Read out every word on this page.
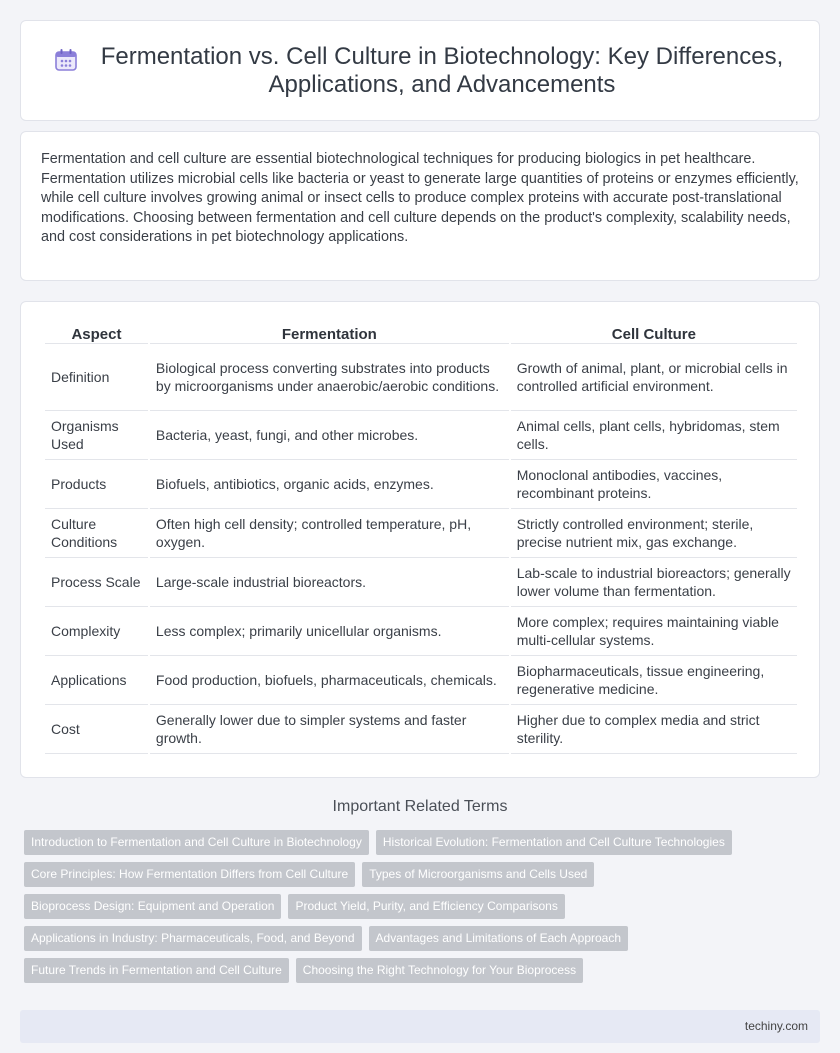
Fermentation vs. Cell Culture in Biotechnology: Key Differences, Applications, and Advancements

Fermentation and cell culture are essential biotechnological techniques for producing biologics in pet healthcare. Fermentation utilizes microbial cells like bacteria or yeast to generate large quantities of proteins or enzymes efficiently, while cell culture involves growing animal or insect cells to produce complex proteins with accurate post-translational modifications. Choosing between fermentation and cell culture depends on the product's complexity, scalability needs, and cost considerations in pet biotechnology applications.

Aspect	Fermentation	Cell Culture
Definition	Biological process converting substrates into products by microorganisms under anaerobic/aerobic conditions.	Growth of animal, plant, or microbial cells in controlled artificial environment.
Organisms Used	Bacteria, yeast, fungi, and other microbes.	Animal cells, plant cells, hybridomas, stem cells.
Products	Biofuels, antibiotics, organic acids, enzymes.	Monoclonal antibodies, vaccines, recombinant proteins.
Culture Conditions	Often high cell density; controlled temperature, pH, oxygen.	Strictly controlled environment; sterile, precise nutrient mix, gas exchange.
Process Scale	Large-scale industrial bioreactors.	Lab-scale to industrial bioreactors; generally lower volume than fermentation.
Complexity	Less complex; primarily unicellular organisms.	More complex; requires maintaining viable multi-cellular systems.
Applications	Food production, biofuels, pharmaceuticals, chemicals.	Biopharmaceuticals, tissue engineering, regenerative medicine.
Cost	Generally lower due to simpler systems and faster growth.	Higher due to complex media and strict sterility.
Important Related Terms
Introduction to Fermentation and Cell Culture in Biotechnology	Historical Evolution: Fermentation and Cell Culture Technologies
Core Principles: How Fermentation Differs from Cell Culture	Types of Microorganisms and Cells Used
Bioprocess Design: Equipment and Operation	Product Yield, Purity, and Efficiency Comparisons
Applications in Industry: Pharmaceuticals, Food, and Beyond	Advantages and Limitations of Each Approach
Future Trends in Fermentation and Cell Culture	Choosing the Right Technology for Your Bioprocess
techiny.com
